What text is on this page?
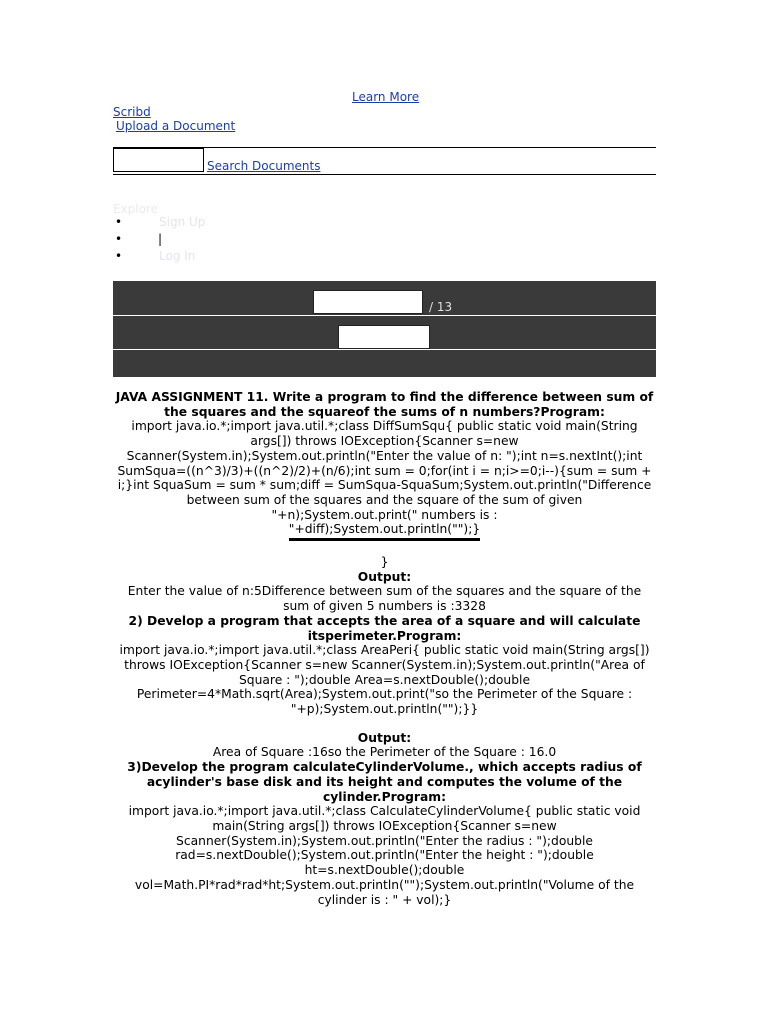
Learn More
Scribd
Upload a Document
Search Documents
Explore
•	Sign Up
•	|
•	Log In
/ 13

JAVA ASSIGNMENT 11. Write a program to find the difference between sum of the squares and the squareof the sums of n numbers?Program:

import java.io.*;import java.util.*;class DiffSumSqu{ public static void main(String args[]) throws IOException{Scanner s=new Scanner(System.in);System.out.println("Enter the value of n: ");int n=s.nextInt();int SumSqua=((n^3)/3)+((n^2)/2)+(n/6);int sum = 0;for(int i = n;i>=0;i--){sum = sum + i;}int SquaSum = sum * sum;diff = SumSqua-SquaSum;System.out.println("Difference between sum of the squares and the square of the sum of given "+n);System.out.print(" numbers is :

"+diff);System.out.println("");}

}

Output:

Enter the value of n:5Difference between sum of the squares and the square of the sum of given 5 numbers is :3328

2) Develop a program that accepts the area of a square and will calculate itsperimeter.Program:

import java.io.*;import java.util.*;class AreaPeri{ public static void main(String args[]) throws IOException{Scanner s=new Scanner(System.in);System.out.println("Area of Square : ");double Area=s.nextDouble();double Perimeter=4*Math.sqrt(Area);System.out.print("so the Perimeter of the Square : "+p);System.out.println("");}}

Output:

Area of Square :16so the Perimeter of the Square : 16.0

3)Develop the program calculateCylinderVolume., which accepts radius of acylinder's base disk and its height and computes the volume of the cylinder.Program:

import java.io.*;import java.util.*;class CalculateCylinderVolume{ public static void main(String args[]) throws IOException{Scanner s=new Scanner(System.in);System.out.println("Enter the radius : ");double rad=s.nextDouble();System.out.println("Enter the height : ");double ht=s.nextDouble();double vol=Math.PI*rad*rad*ht;System.out.println("");System.out.println("Volume of the cylinder is : " + vol);}
